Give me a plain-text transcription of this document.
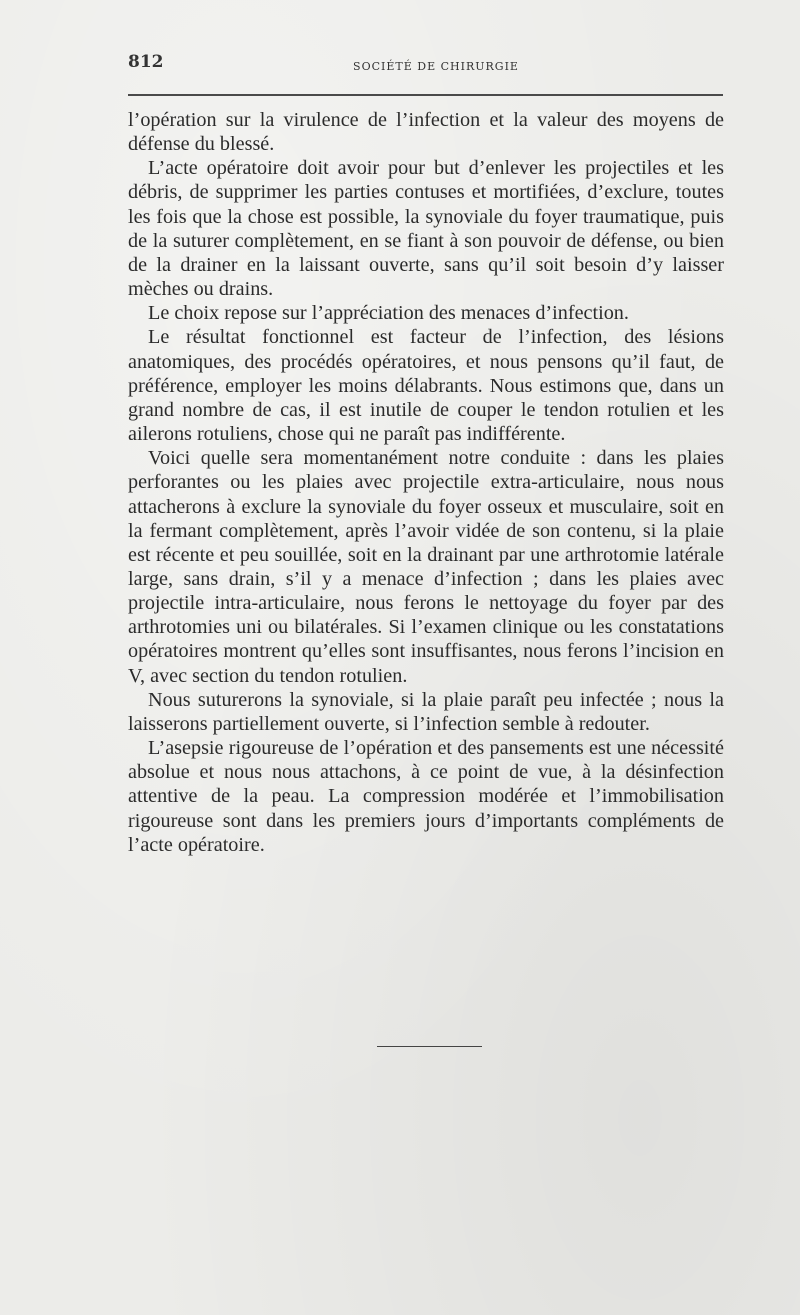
812	SOCIÉTÉ DE CHIRURGIE

l’opération sur la virulence de l’infection et la valeur des moyens de défense du blessé.

L’acte opératoire doit avoir pour but d’enlever les projectiles et les débris, de supprimer les parties contuses et mortifiées, d’exclure, toutes les fois que la chose est possible, la synoviale du foyer traumatique, puis de la suturer complètement, en se fiant à son pouvoir de défense, ou bien de la drainer en la laissant ouverte, sans qu’il soit besoin d’y laisser mèches ou drains.

Le choix repose sur l’appréciation des menaces d’infection.

Le résultat fonctionnel est facteur de l’infection, des lésions anatomiques, des procédés opératoires, et nous pensons qu’il faut, de préférence, employer les moins délabrants. Nous estimons que, dans un grand nombre de cas, il est inutile de couper le tendon rotulien et les ailerons rotuliens, chose qui ne paraît pas indifférente.

Voici quelle sera momentanément notre conduite : dans les plaies perforantes ou les plaies avec projectile extra-articulaire, nous nous attacherons à exclure la synoviale du foyer osseux et musculaire, soit en la fermant complètement, après l’avoir vidée de son contenu, si la plaie est récente et peu souillée, soit en la drainant par une arthrotomie latérale large, sans drain, s’il y a menace d’infection ; dans les plaies avec projectile intra-articulaire, nous ferons le nettoyage du foyer par des arthrotomies uni ou bilatérales. Si l’examen clinique ou les constatations opératoires montrent qu’elles sont insuffisantes, nous ferons l’incision en V, avec section du tendon rotulien.

Nous suturerons la synoviale, si la plaie paraît peu infectée ; nous la laisserons partiellement ouverte, si l’infection semble à redouter.

L’asepsie rigoureuse de l’opération et des pansements est une nécessité absolue et nous nous attachons, à ce point de vue, à la désinfection attentive de la peau. La compression modérée et l’immobilisation rigoureuse sont dans les premiers jours d’importants compléments de l’acte opératoire.
